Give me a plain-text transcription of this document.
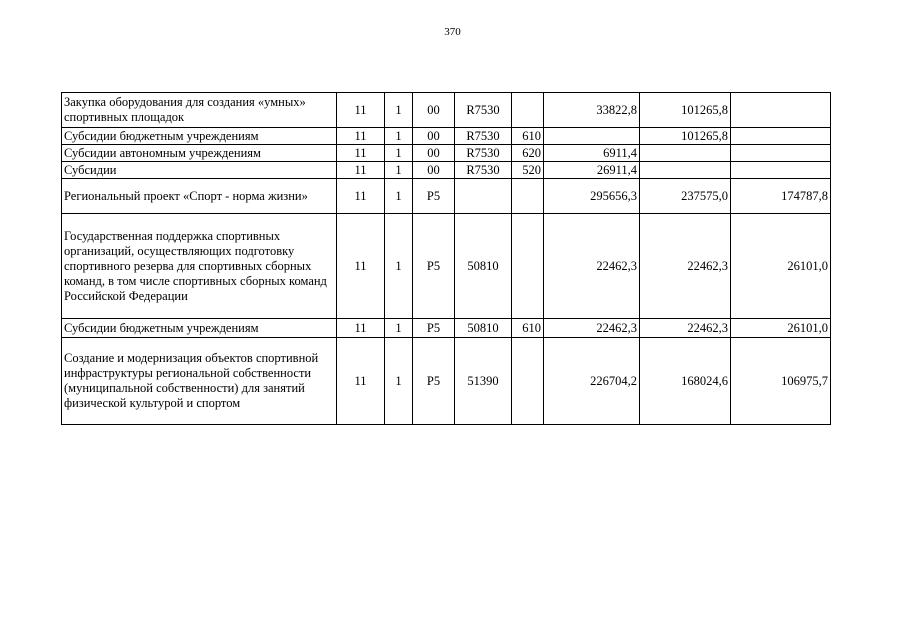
370
Закупка оборудования для создания «умных» спортивных площадок	11	1	00	R7530		33822,8	101265,8	
Субсидии бюджетным учреждениям	11	1	00	R7530	610		101265,8	
Субсидии автономным учреждениям	11	1	00	R7530	620	6911,4		
Субсидии	11	1	00	R7530	520	26911,4		
Региональный проект «Спорт - норма жизни»	11	1	P5			295656,3	237575,0	174787,8
Государственная поддержка спортивных организаций, осуществляющих подготовку спортивного резерва для спортивных сборных команд, в том числе спортивных сборных команд Российской Федерации	11	1	P5	50810		22462,3	22462,3	26101,0
Субсидии бюджетным учреждениям	11	1	P5	50810	610	22462,3	22462,3	26101,0
Создание и модернизация объектов спортивной инфраструктуры региональной собственности (муниципальной собственности) для занятий физической культурой и спортом	11	1	P5	51390		226704,2	168024,6	106975,7
